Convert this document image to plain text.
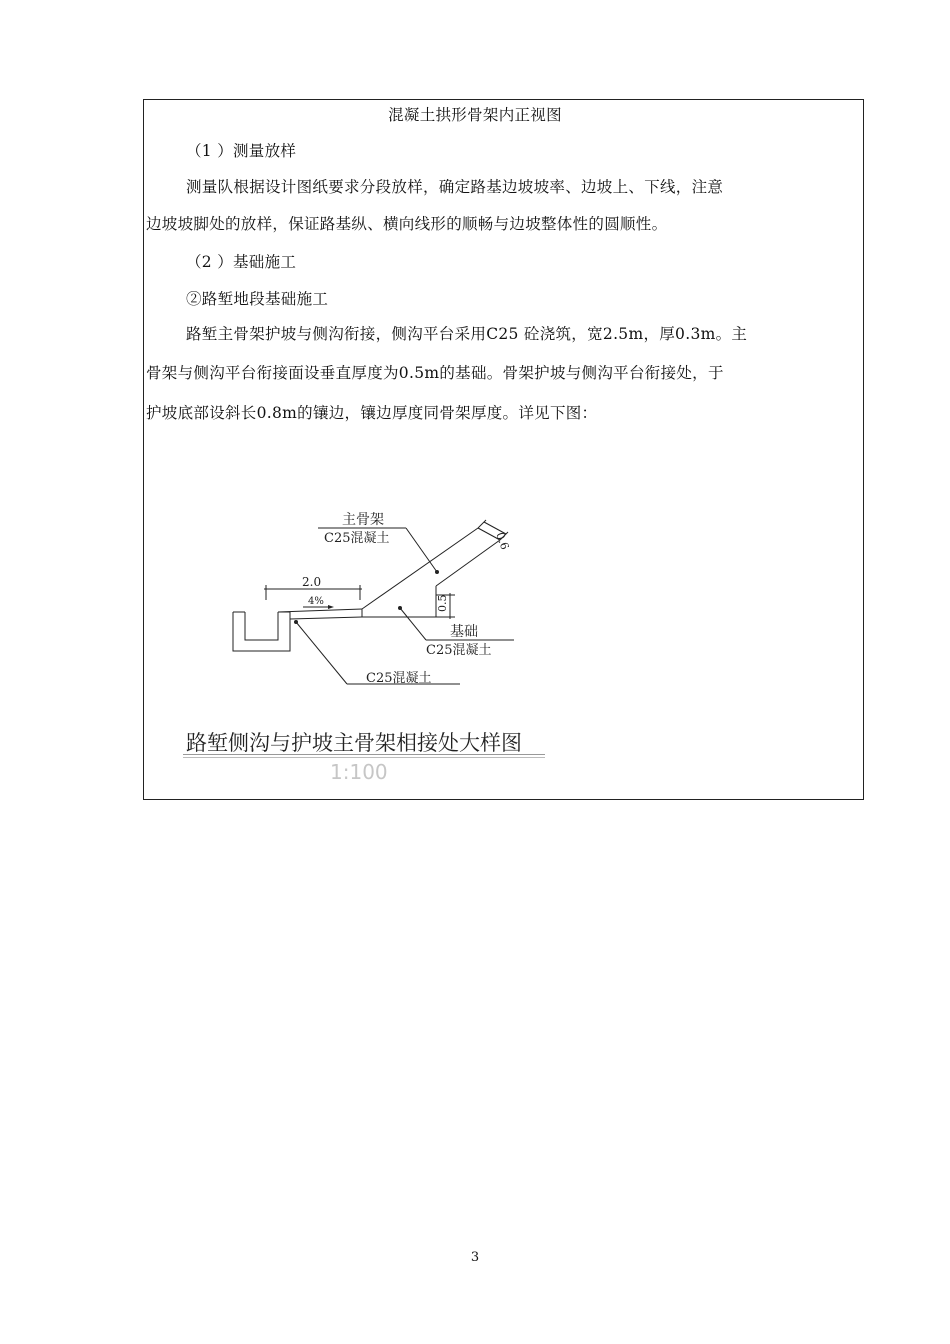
混凝土拱形骨架内正视图
（1 ）测量放样
测量队根据设计图纸要求分段放样，确定路基边坡坡率、边坡上、下线，注意
边坡坡脚处的放样，保证路基纵、横向线形的顺畅与边坡整体性的圆顺性。
（2 ）基础施工
②路堑地段基础施工
路堑主骨架护坡与侧沟衔接，侧沟平台采用C25 砼浇筑，宽2.5m，厚0.3m。主
骨架与侧沟平台衔接面设垂直厚度为0.5m的基础。骨架护坡与侧沟平台衔接处，于
护坡底部设斜长0.8m的镶边，镶边厚度同骨架厚度。详见下图：
主骨架
C25混凝土	0.6
2.0
4%	0.5
基础
C25混凝土
C25混凝土
路堑侧沟与护坡主骨架相接处大样图
1:100
3
